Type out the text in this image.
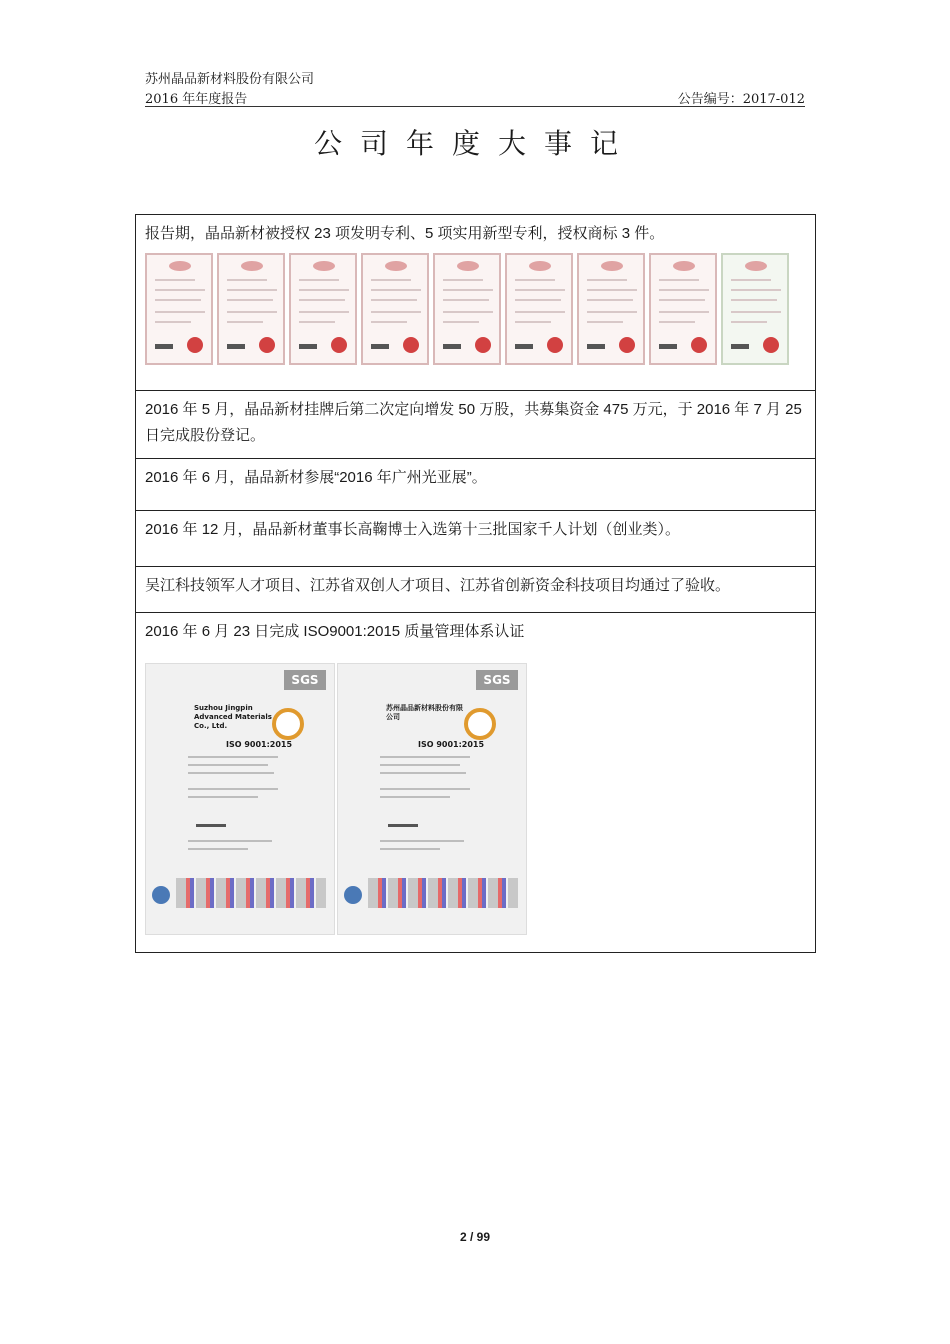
苏州晶品新材料股份有限公司
2016 年年度报告	公告编号：2017-012
公司年度大事记
报告期，晶品新材被授权 23 项发明专利、5 项实用新型专利，授权商标 3 件。

2016 年 5 月，晶品新材挂牌后第二次定向增发 50 万股，共募集资金 475 万元，于 2016 年 7 月 25 日完成股份登记。
2016 年 6 月，晶品新材参展“2016 年广州光亚展”。
2016 年 12 月，晶品新材董事长高鞠博士入选第十三批国家千人计划（创业类）。
吴江科技领军人才项目、江苏省双创人才项目、江苏省创新资金科技项目均通过了验收。

2016 年 6 月 23 日完成 ISO9001:2015 质量管理体系认证
SGS
Suzhou Jingpin Advanced Materials Co., Ltd.
ISO 9001:2015
SGS
苏州晶品新材料股份有限公司
ISO 9001:2015
2 / 99
